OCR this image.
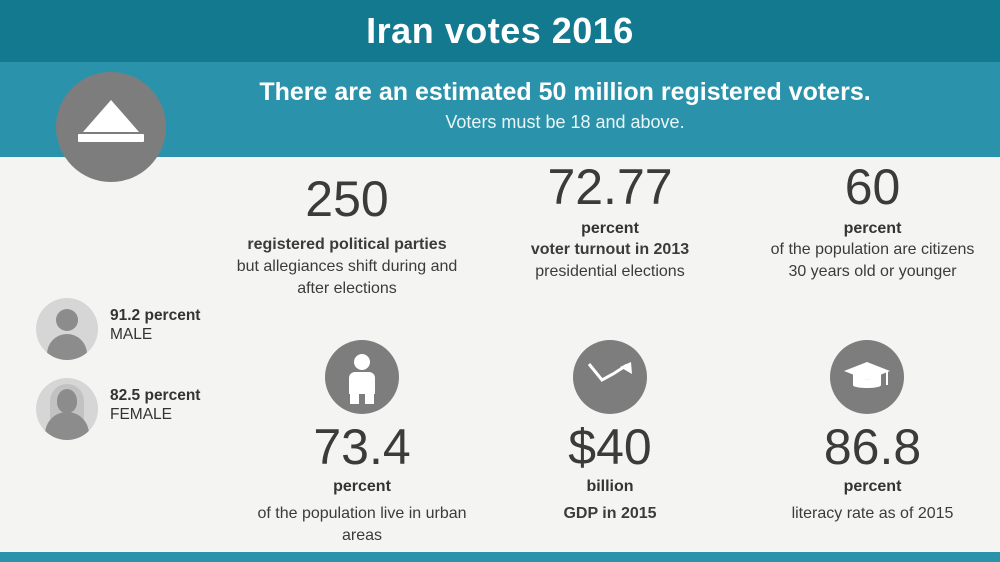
Iran votes 2016
There are an estimated 50 million registered voters.
Voters must be 18 and above.
91.2 percent
MALE
82.5 percent
FEMALE
250
registered political parties
but allegiances shift during and after elections
72.77
percent
voter turnout in 2013
presidential elections
60
percent
of the population are citizens 30 years old or younger
73.4
percent
of the population live in urban areas
$40
billion
GDP in 2015
86.8
percent
literacy rate as of 2015
